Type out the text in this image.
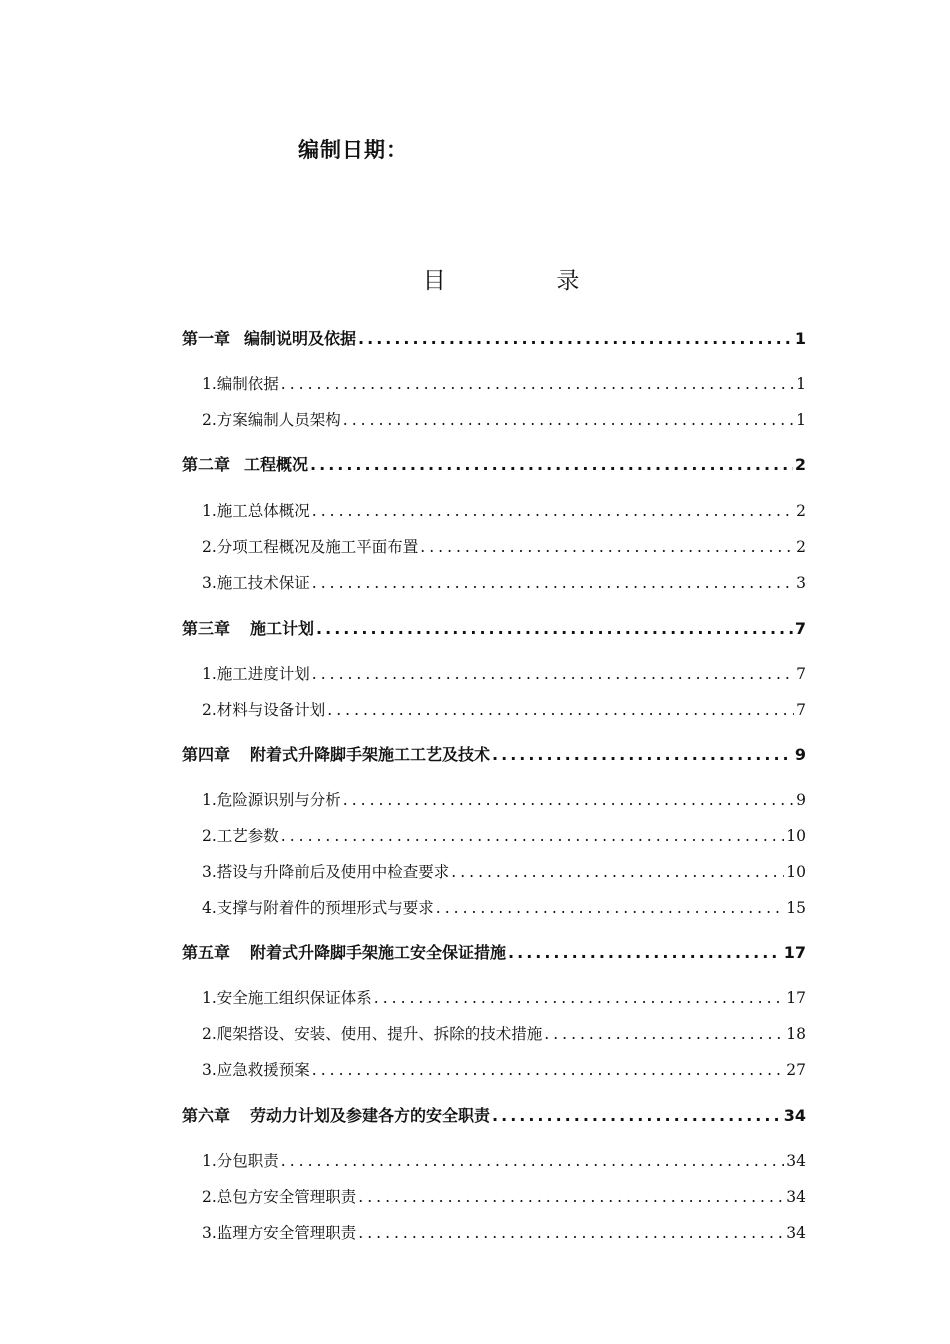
编制日期：
目	录
第一章 编制说明及依据 .....	1
1.编制依据 .....	1
2.方案编制人员架构 .....	1
第二章 工程概况 .....	2
1.施工总体概况 .....	2
2.分项工程概况及施工平面布置 .....	2
3.施工技术保证 .....	3
第三章 施工计划 .....	7
1.施工进度计划 .....	7
2.材料与设备计划 .....	7
第四章 附着式升降脚手架施工工艺及技术 .....	9
1.危险源识别与分析 .....	9
2.工艺参数 .....	10
3.搭设与升降前后及使用中检查要求 .....	10
4.支撑与附着件的预埋形式与要求 .....	15
第五章 附着式升降脚手架施工安全保证措施 .....	17
1.安全施工组织保证体系 .....	17
2.爬架搭设、安装、使用、提升、拆除的技术措施 .....	18
3.应急救援预案 .....	27
第六章 劳动力计划及参建各方的安全职责 .....	34
1.分包职责 .....	34
2.总包方安全管理职责 .....	34
3.监理方安全管理职责 .....	34
